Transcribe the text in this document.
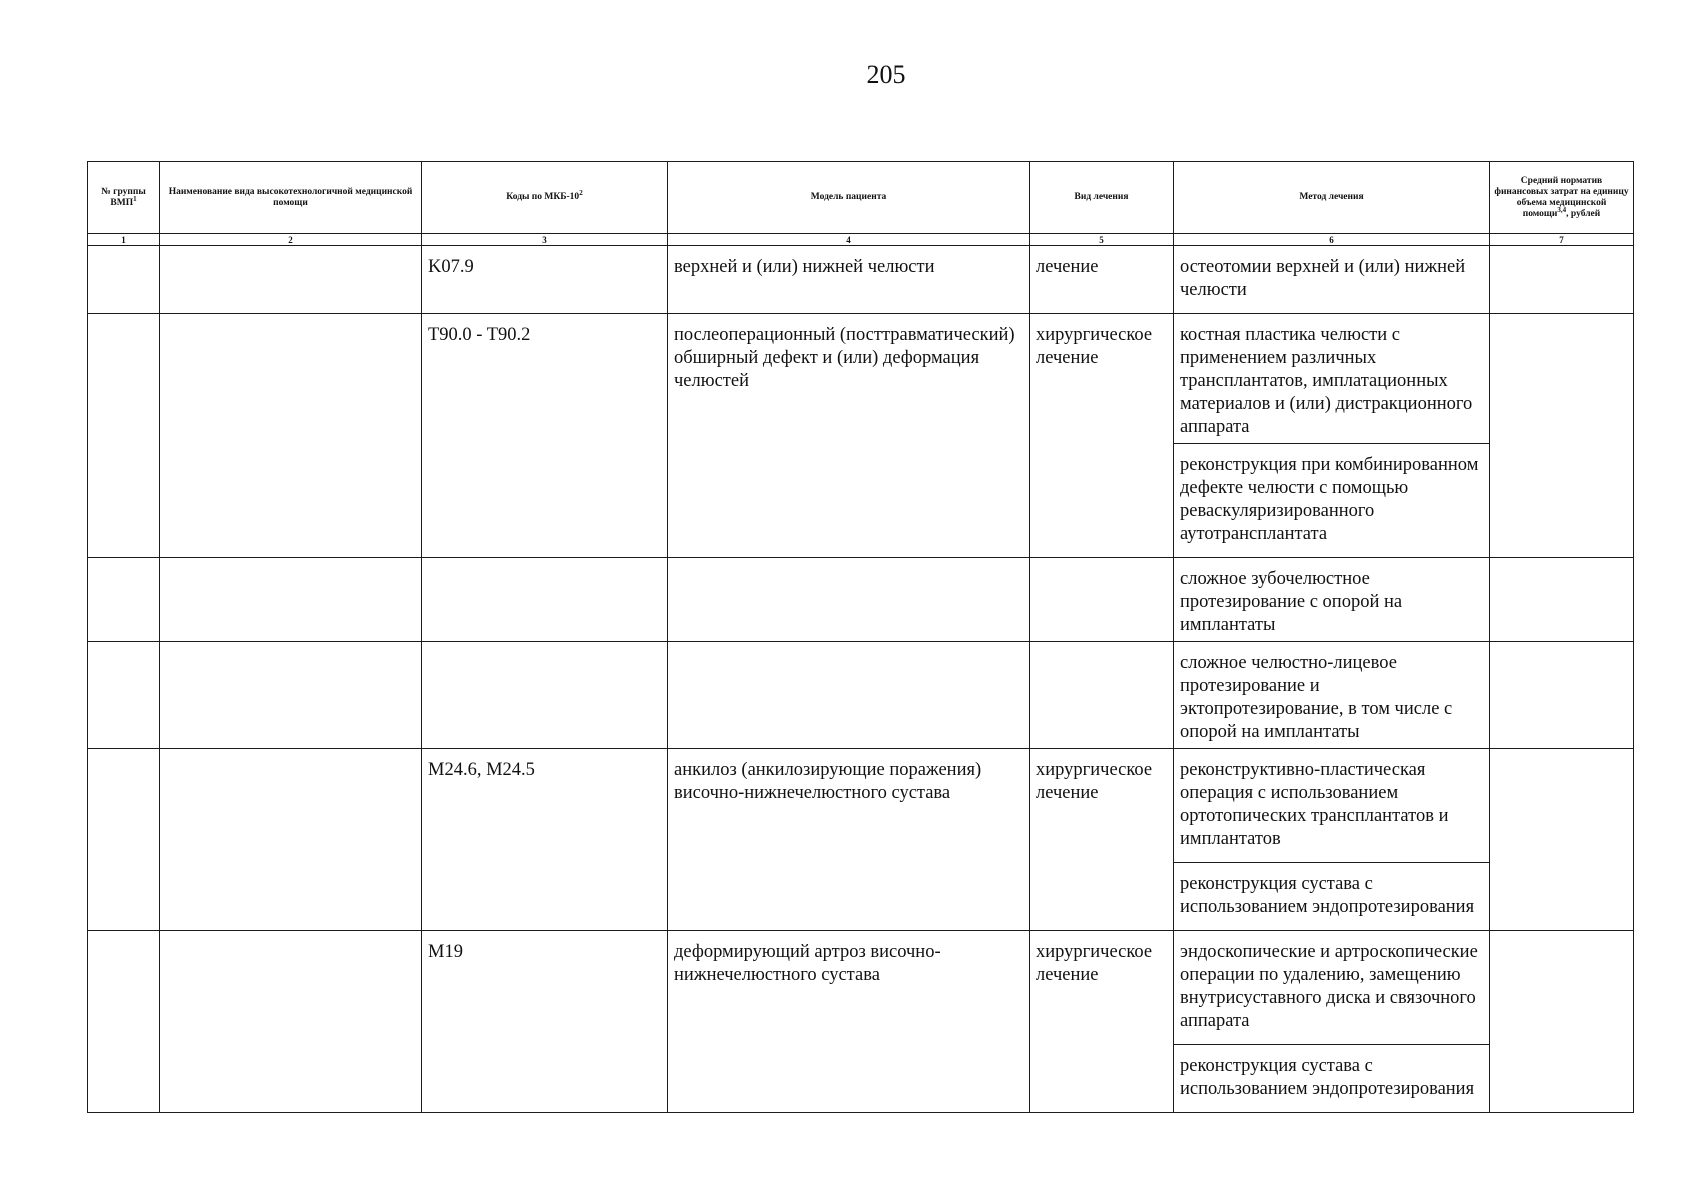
205
№ группы ВМП$^1$	Наименование вида высокотехнологичной медицинской помощи	Коды по МКБ-$10^2$	Модель пациента	Вид лечения	Метод лечения	Средний норматив финансовых затрат на единицу объема медицинской помощи$^{3,4}$, рублей
1	2	3	4	5	6	7

		K07.9	верхней и (или) нижней челюсти	лечение	остеотомии верхней и (или) нижней челюсти	

		T90.0 - T90.2	послеоперационный (посттравматический) обширный дефект и (или) деформация челюстей	хирургическое лечение	костная пластика челюсти с применением различных трансплантатов, имплатационных материалов и (или) дистракционного аппарата	

					реконструкция при комбинированном дефекте челюсти с помощью реваскуляризированного аутотрансплантата	

					сложное зубочелюстное протезирование с опорой на имплантаты	

					сложное челюстно-лицевое протезирование и эктопротезирование, в том числе с опорой на имплантаты	

		M24.6, M24.5	анкилоз (анкилозирующие поражения) височно-нижнечелюстного сустава	хирургическое лечение	реконструктивно-пластическая операция с использованием ортотопических трансплантатов и имплантатов	

					реконструкция сустава с использованием эндопротезирования	

		M19	деформирующий артроз височно-нижнечелюстного сустава	хирургическое лечение	эндоскопические и артроскопические операции по удалению, замещению внутрисуставного диска и связочного аппарата	

					реконструкция сустава с использованием эндопротезирования	
